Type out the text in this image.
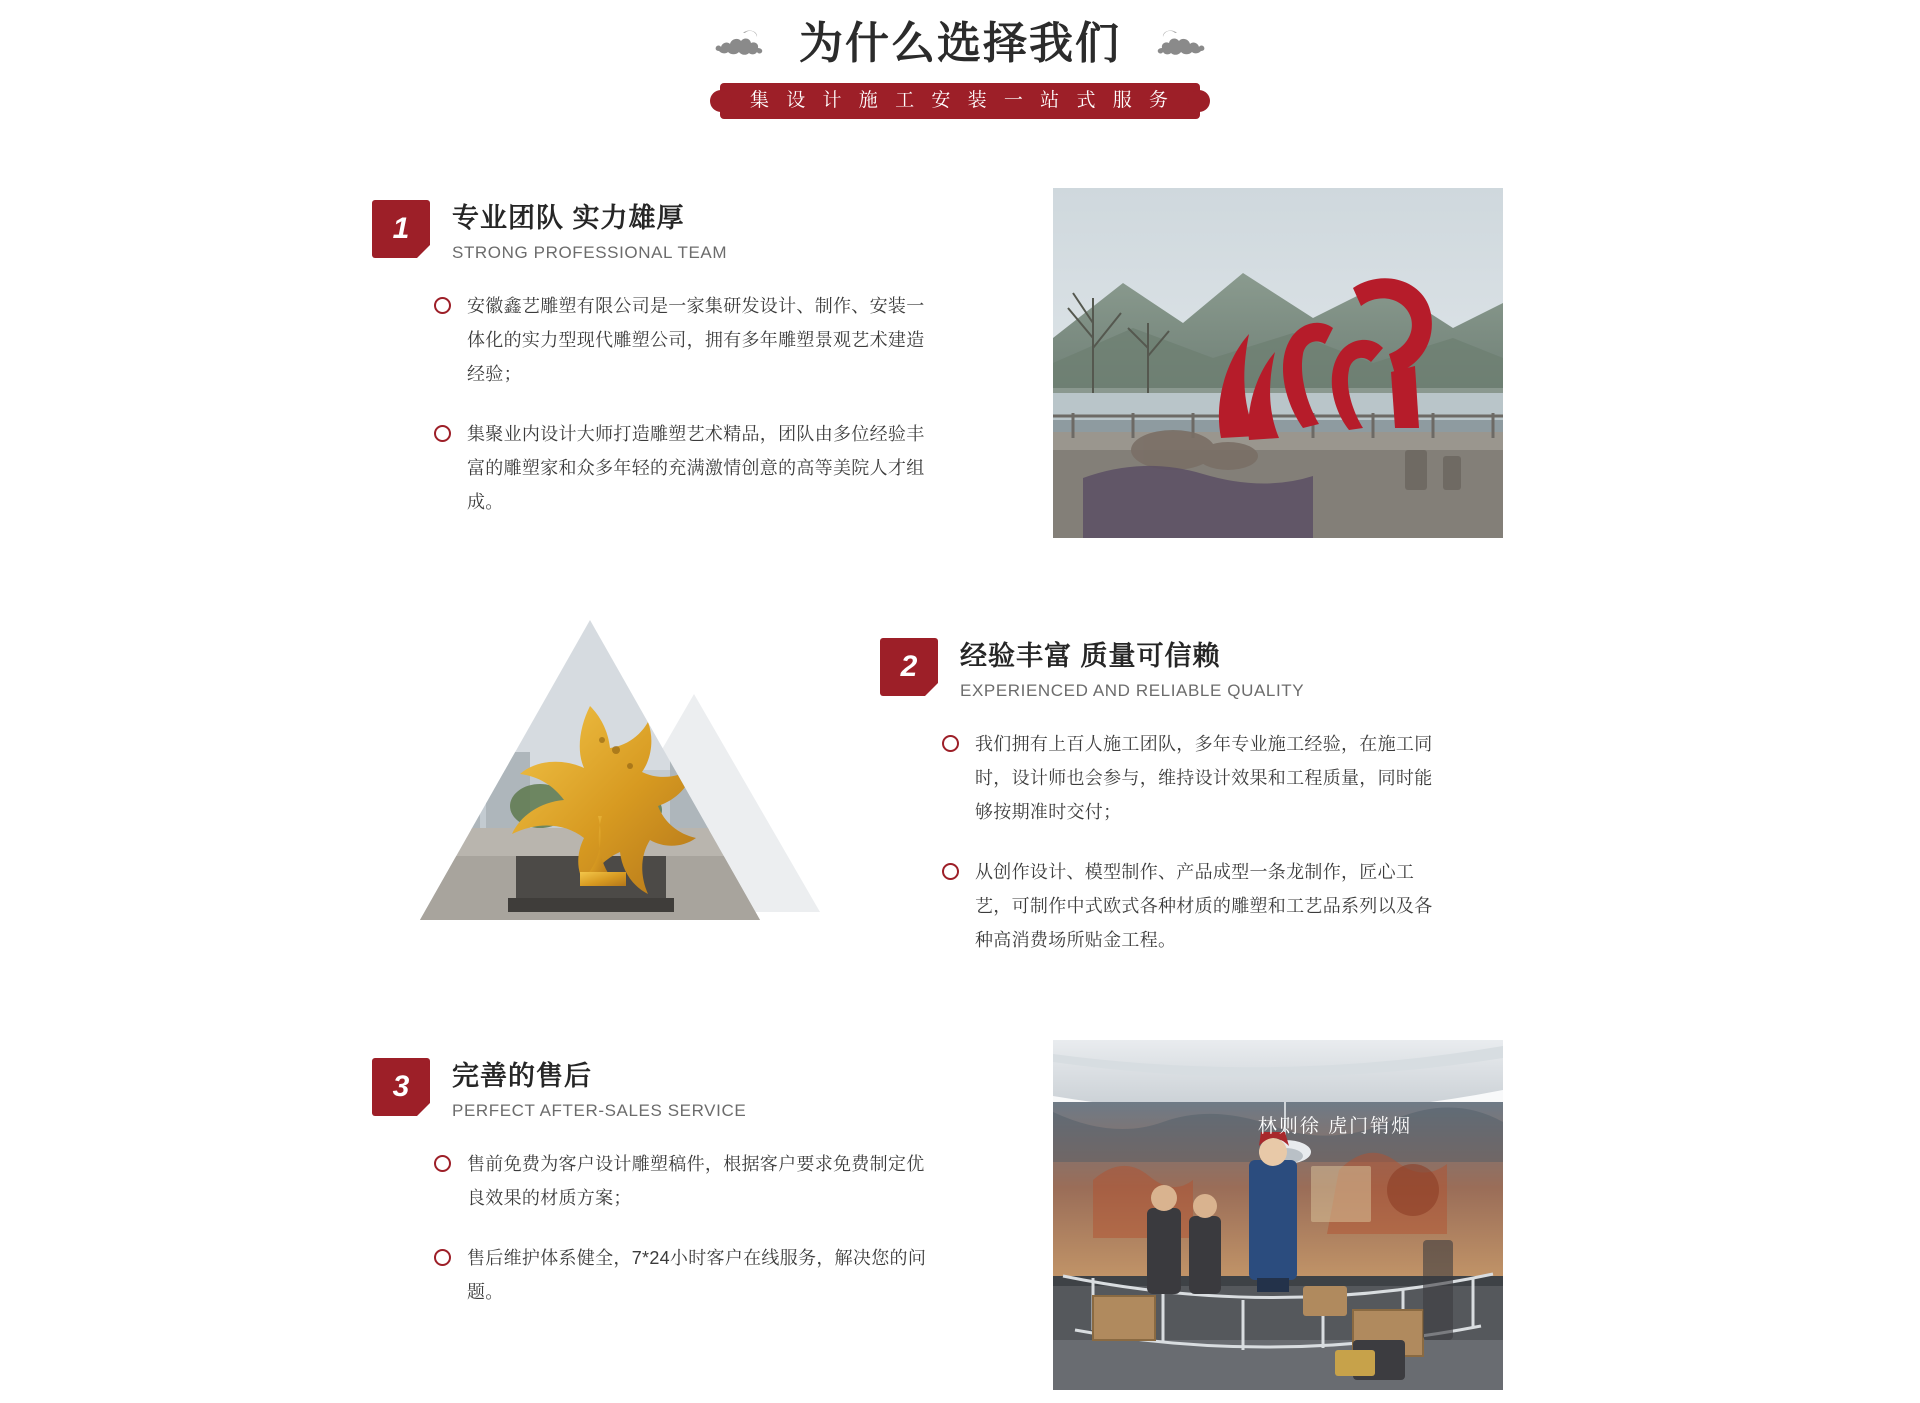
为什么选择我们
集 设 计 施 工 安 装 一 站 式 服 务
1	专业团队 实力雄厚
STRONG PROFESSIONAL TEAM
安徽鑫艺雕塑有限公司是一家集研发设计、制作、安装一体化的实力型现代雕塑公司，拥有多年雕塑景观艺术建造经验；
集聚业内设计大师打造雕塑艺术精品，团队由多位经验丰富的雕塑家和众多年轻的充满激情创意的高等美院人才组成。
2	经验丰富 质量可信赖
EXPERIENCED AND RELIABLE QUALITY
我们拥有上百人施工团队，多年专业施工经验，在施工同时，设计师也会参与，维持设计效果和工程质量，同时能够按期准时交付；
从创作设计、模型制作、产品成型一条龙制作，匠心工艺，可制作中式欧式各种材质的雕塑和工艺品系列以及各种高消费场所贴金工程。
3	完善的售后
PERFECT AFTER-SALES SERVICE
售前免费为客户设计雕塑稿件，根据客户要求免费制定优良效果的材质方案；
售后维护体系健全，7*24小时客户在线服务，解决您的问题。
林则徐 虎门销烟
